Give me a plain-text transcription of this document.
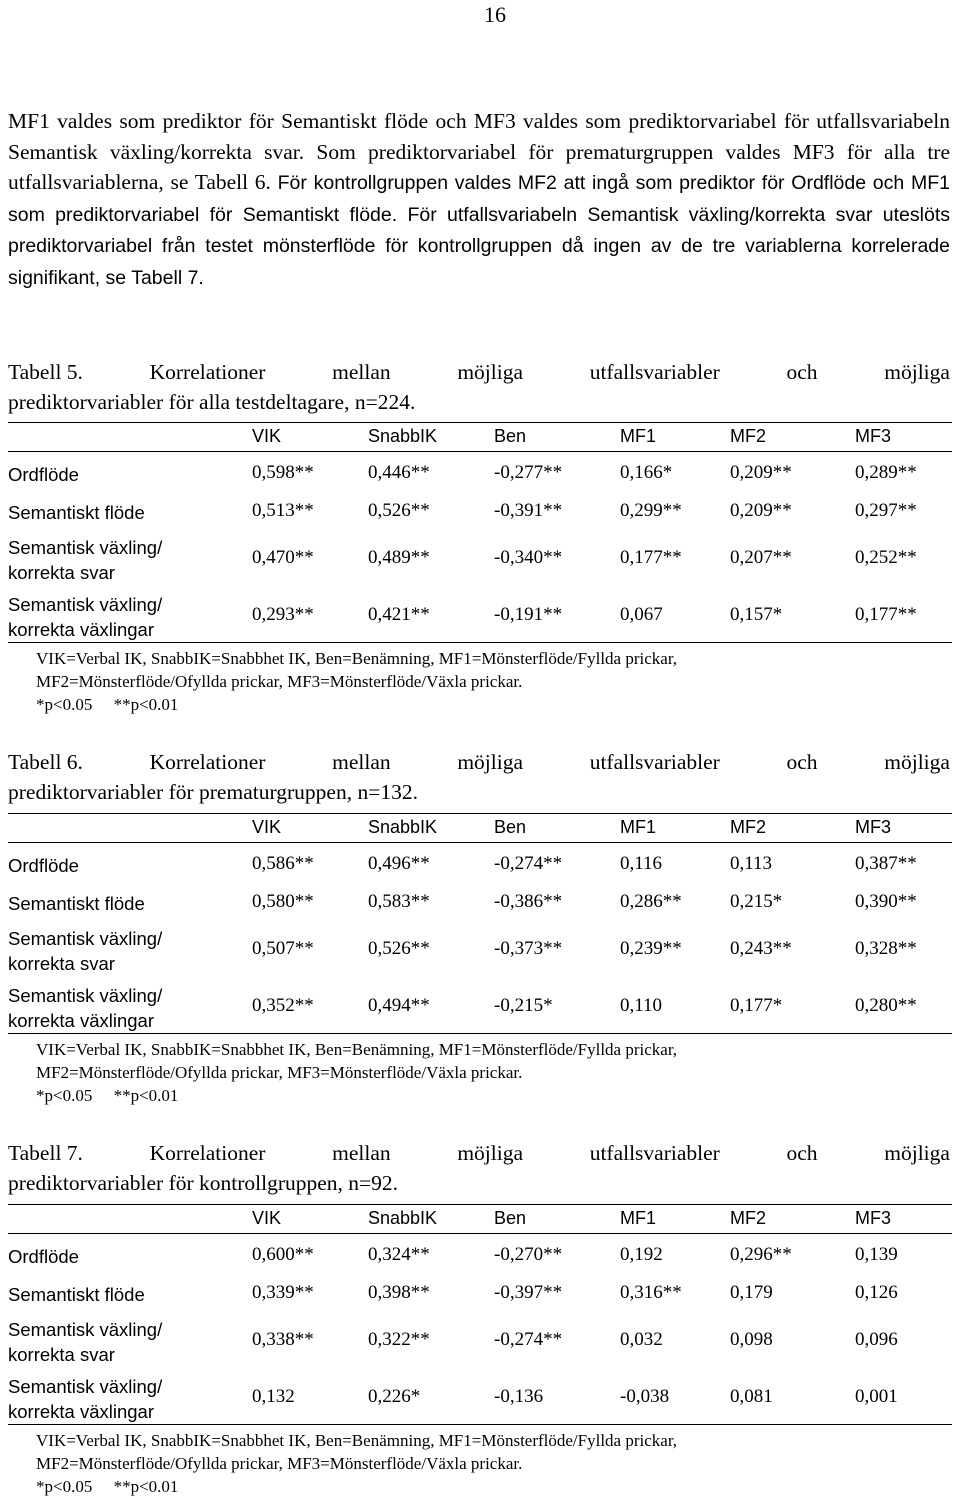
16

MF1 valdes som prediktor för Semantiskt flöde och MF3 valdes som prediktorvariabel för utfallsvariabeln Semantisk växling/korrekta svar. Som prediktorvariabel för prematurgruppen valdes MF3 för alla tre utfallsvariablerna, se Tabell 6. För kontrollgruppen valdes MF2 att ingå som prediktor för Ordflöde och MF1 som prediktorvariabel för Semantiskt flöde. För utfallsvariabeln Semantisk växling/korrekta svar uteslöts prediktorvariabel från testet mönsterflöde för kontrollgruppen då ingen av de tre variablerna korrelerade signifikant, se Tabell 7.

Tabell 5.	Korrelationer	mellan	möjliga	utfallsvariabler	och	möjliga
prediktorvariabler för alla testdeltagare, n=224.
VIK	SnabbIK	Ben	MF1	MF2	MF3
Ordflöde	0,598**	0,446**	-0,277**	0,166*	0,209**	0,289**
Semantiskt flöde	0,513**	0,526**	-0,391**	0,299**	0,209**	0,297**
Semantisk växling/
korrekta svar
0,470**	0,489**	-0,340**	0,177**	0,207**	0,252**
Semantisk växling/
korrekta växlingar
0,293**	0,421**	-0,191**	0,067	0,157*	0,177**
VIK=Verbal IK, SnabbIK=Snabbhet IK, Ben=Benämning, MF1=Mönsterflöde/Fyllda prickar,
MF2=Mönsterflöde/Ofyllda prickar, MF3=Mönsterflöde/Växla prickar.
*p<0.05     **p<0.01
Tabell 6.	Korrelationer	mellan	möjliga	utfallsvariabler	och	möjliga
prediktorvariabler för prematurgruppen, n=132.
VIK	SnabbIK	Ben	MF1	MF2	MF3
Ordflöde	0,586**	0,496**	-0,274**	0,116	0,113	0,387**
Semantiskt flöde	0,580**	0,583**	-0,386**	0,286**	0,215*	0,390**
Semantisk växling/
korrekta svar
0,507**	0,526**	-0,373**	0,239**	0,243**	0,328**
Semantisk växling/
korrekta växlingar
0,352**	0,494**	-0,215*	0,110	0,177*	0,280**
VIK=Verbal IK, SnabbIK=Snabbhet IK, Ben=Benämning, MF1=Mönsterflöde/Fyllda prickar,
MF2=Mönsterflöde/Ofyllda prickar, MF3=Mönsterflöde/Växla prickar.
*p<0.05     **p<0.01
Tabell 7.	Korrelationer	mellan	möjliga	utfallsvariabler	och	möjliga
prediktorvariabler för kontrollgruppen, n=92.
VIK	SnabbIK	Ben	MF1	MF2	MF3
Ordflöde	0,600**	0,324**	-0,270**	0,192	0,296**	0,139
Semantiskt flöde	0,339**	0,398**	-0,397**	0,316**	0,179	0,126
Semantisk växling/
korrekta svar
0,338**	0,322**	-0,274**	0,032	0,098	0,096
Semantisk växling/
korrekta växlingar
0,132	0,226*	-0,136	-0,038	0,081	0,001
VIK=Verbal IK, SnabbIK=Snabbhet IK, Ben=Benämning, MF1=Mönsterflöde/Fyllda prickar,
MF2=Mönsterflöde/Ofyllda prickar, MF3=Mönsterflöde/Växla prickar.
*p<0.05     **p<0.01
